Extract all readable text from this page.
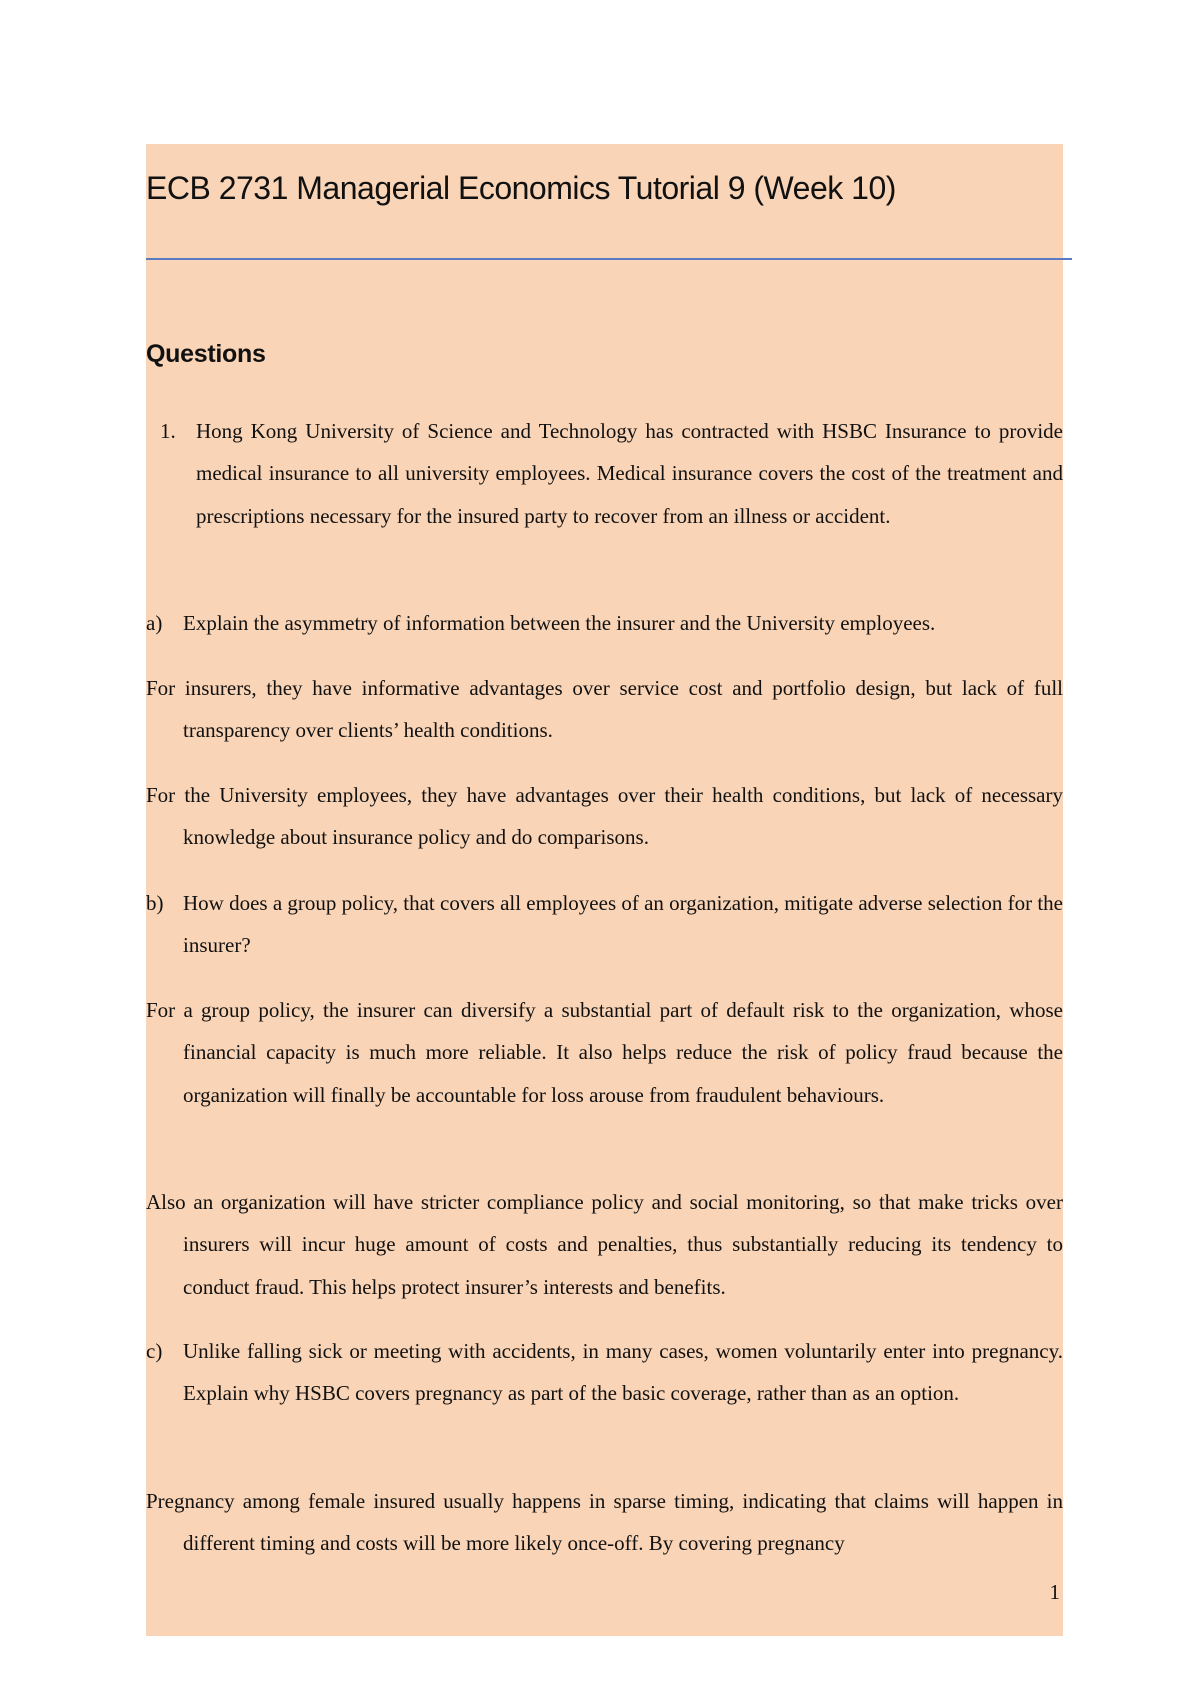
ECB 2731 Managerial Economics Tutorial 9 (Week 10)
Questions
1. Hong Kong University of Science and Technology has contracted with HSBC Insurance to provide medical insurance to all university employees. Medical insurance covers the cost of the treatment and prescriptions necessary for the insured party to recover from an illness or accident.
a) Explain the asymmetry of information between the insurer and the University employees.

For insurers, they have informative advantages over service cost and portfolio design, but lack of full transparency over clients’ health conditions.

For the University employees, they have advantages over their health conditions, but lack of necessary knowledge about insurance policy and do comparisons.

b) How does a group policy, that covers all employees of an organization, mitigate adverse selection for the insurer?

For a group policy, the insurer can diversify a substantial part of default risk to the organization, whose financial capacity is much more reliable. It also helps reduce the risk of policy fraud because the organization will finally be accountable for loss arouse from fraudulent behaviours.

Also an organization will have stricter compliance policy and social monitoring, so that make tricks over insurers will incur huge amount of costs and penalties, thus substantially reducing its tendency to conduct fraud. This helps protect insurer’s interests and benefits.

c) Unlike falling sick or meeting with accidents, in many cases, women voluntarily enter into pregnancy. Explain why HSBC covers pregnancy as part of the basic coverage, rather than as an option.

Pregnancy among female insured usually happens in sparse timing, indicating that claims will happen in different timing and costs will be more likely once-off. By covering pregnancy

1
